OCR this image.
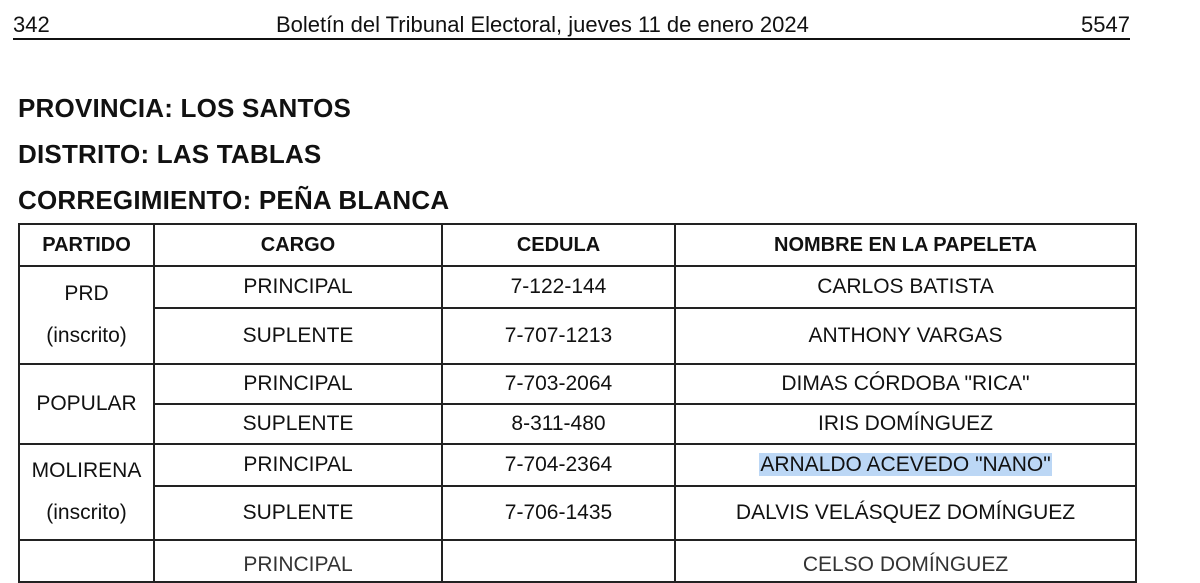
342	Boletín del Tribunal Electoral, jueves 11 de enero 2024	5547
PROVINCIA: LOS SANTOS
DISTRITO: LAS TABLAS
CORREGIMIENTO: PEÑA BLANCA
PARTIDO	CARGO	CEDULA	NOMBRE EN LA PAPELETA

PRD
(inscrito)	PRINCIPAL	7-122-144	CARLOS BATISTA
	SUPLENTE	7-707-1213	ANTHONY VARGAS
POPULAR	PRINCIPAL	7-703-2064	DIMAS CÓRDOBA "RICA"
	SUPLENTE	8-311-480	IRIS DOMÍNGUEZ

MOLIRENA
(inscrito)	PRINCIPAL	7-704-2364	ARNALDO ACEVEDO "NANO"
	SUPLENTE	7-706-1435	DALVIS VELÁSQUEZ DOMÍNGUEZ
	PRINCIPAL		CELSO DOMÍNGUEZ
